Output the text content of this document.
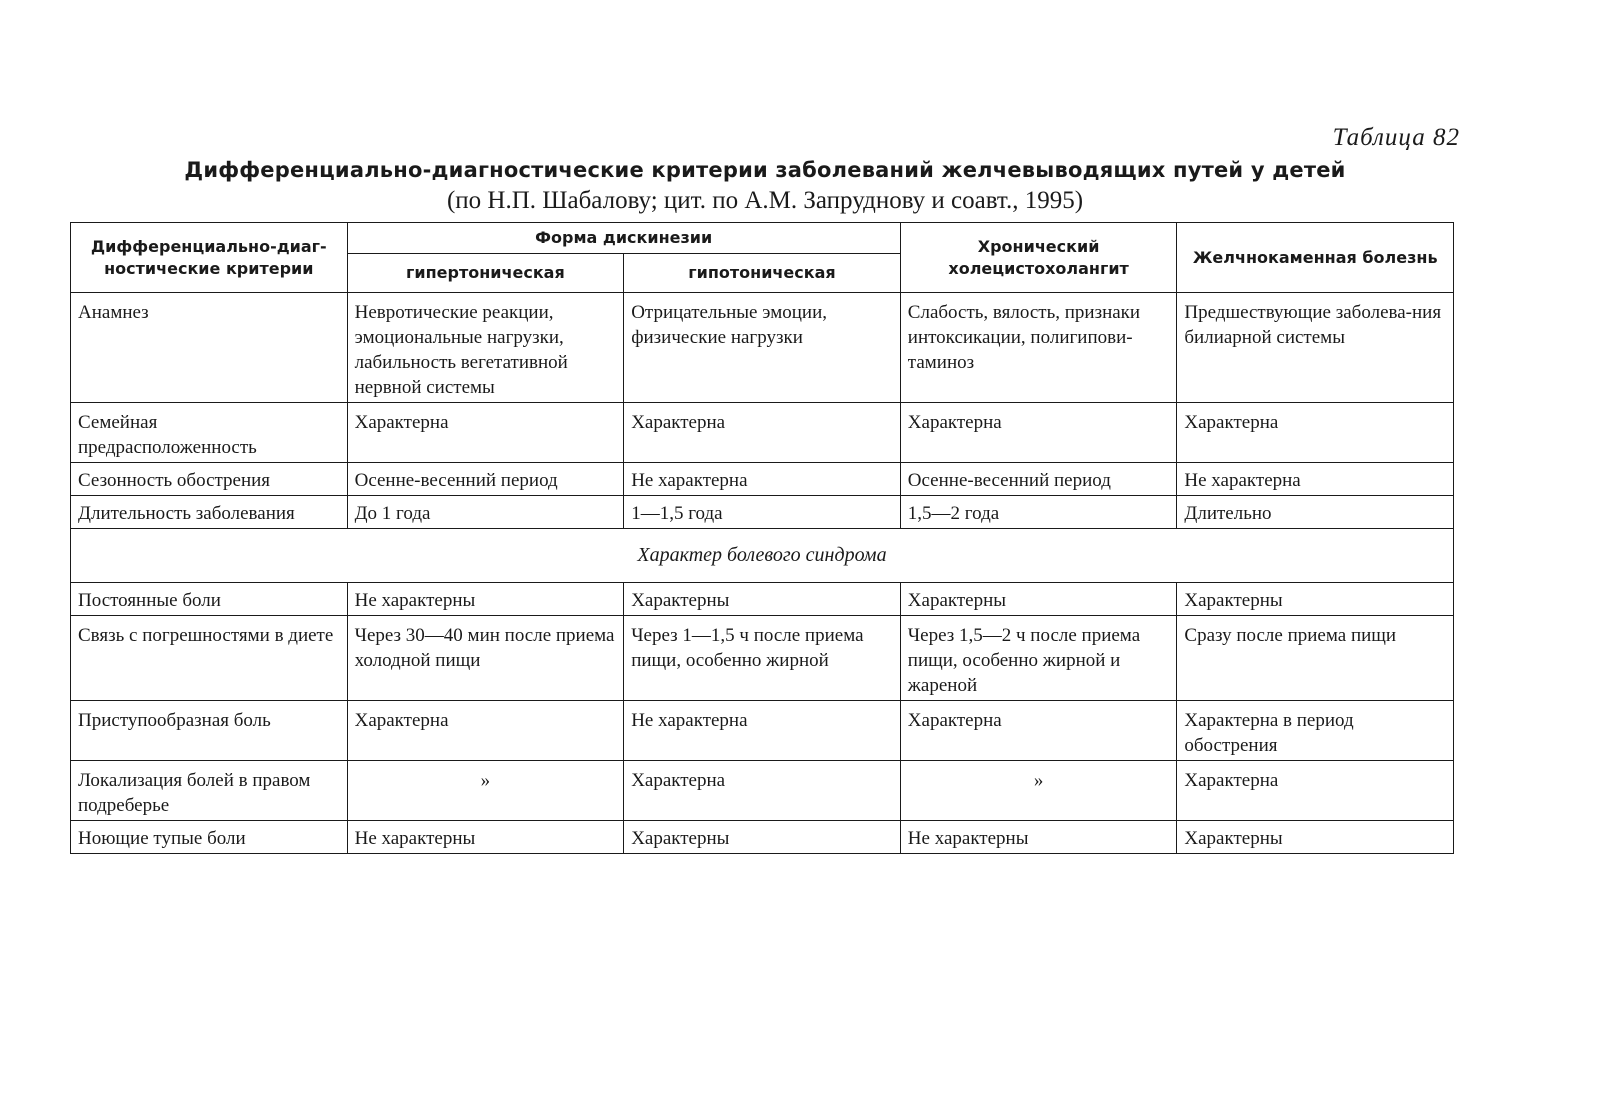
Таблица 82
Дифференциально-диагностические критерии заболеваний желчевыводящих путей у детей
(по Н.П. Шабалову; цит. по А.М. Запруднову и соавт., 1995)
Дифференциально-диаг-ностические критерии	Форма дискинезии		Хронический холецистохолангит	Желчнокаменная болезнь
	гипертоническая	гипотоническая		
Анамнез	Невротические реакции, эмоциональные нагрузки, лабильность вегетативной нервной системы	Отрицательные эмоции, физические нагрузки	Слабость, вялость, признаки интоксикации, полигипови-таминоз	Предшествующие заболева-ния билиарной системы
Семейная предрасположенность	Характерна	Характерна	Характерна	Характерна
Сезонность обострения	Осенне-весенний период	Не характерна	Осенне-весенний период	Не характерна
Длительность заболевания	До 1 года	1—1,5 года	1,5—2 года	Длительно
Характер болевого синдрома				
Постоянные боли	Не характерны	Характерны	Характерны	Характерны
Связь с погрешностями в диете	Через 30—40 мин после приема холодной пищи	Через 1—1,5 ч после приема пищи, особенно жирной	Через 1,5—2 ч после приема пищи, особенно жирной и жареной	Сразу после приема пищи
Приступообразная боль	Характерна	Не характерна	Характерна	Характерна в период обострения
Локализация болей в правом подреберье	»	Характерна	»	Характерна
Ноющие тупые боли	Не характерны	Характерны	Не характерны	Характерны
